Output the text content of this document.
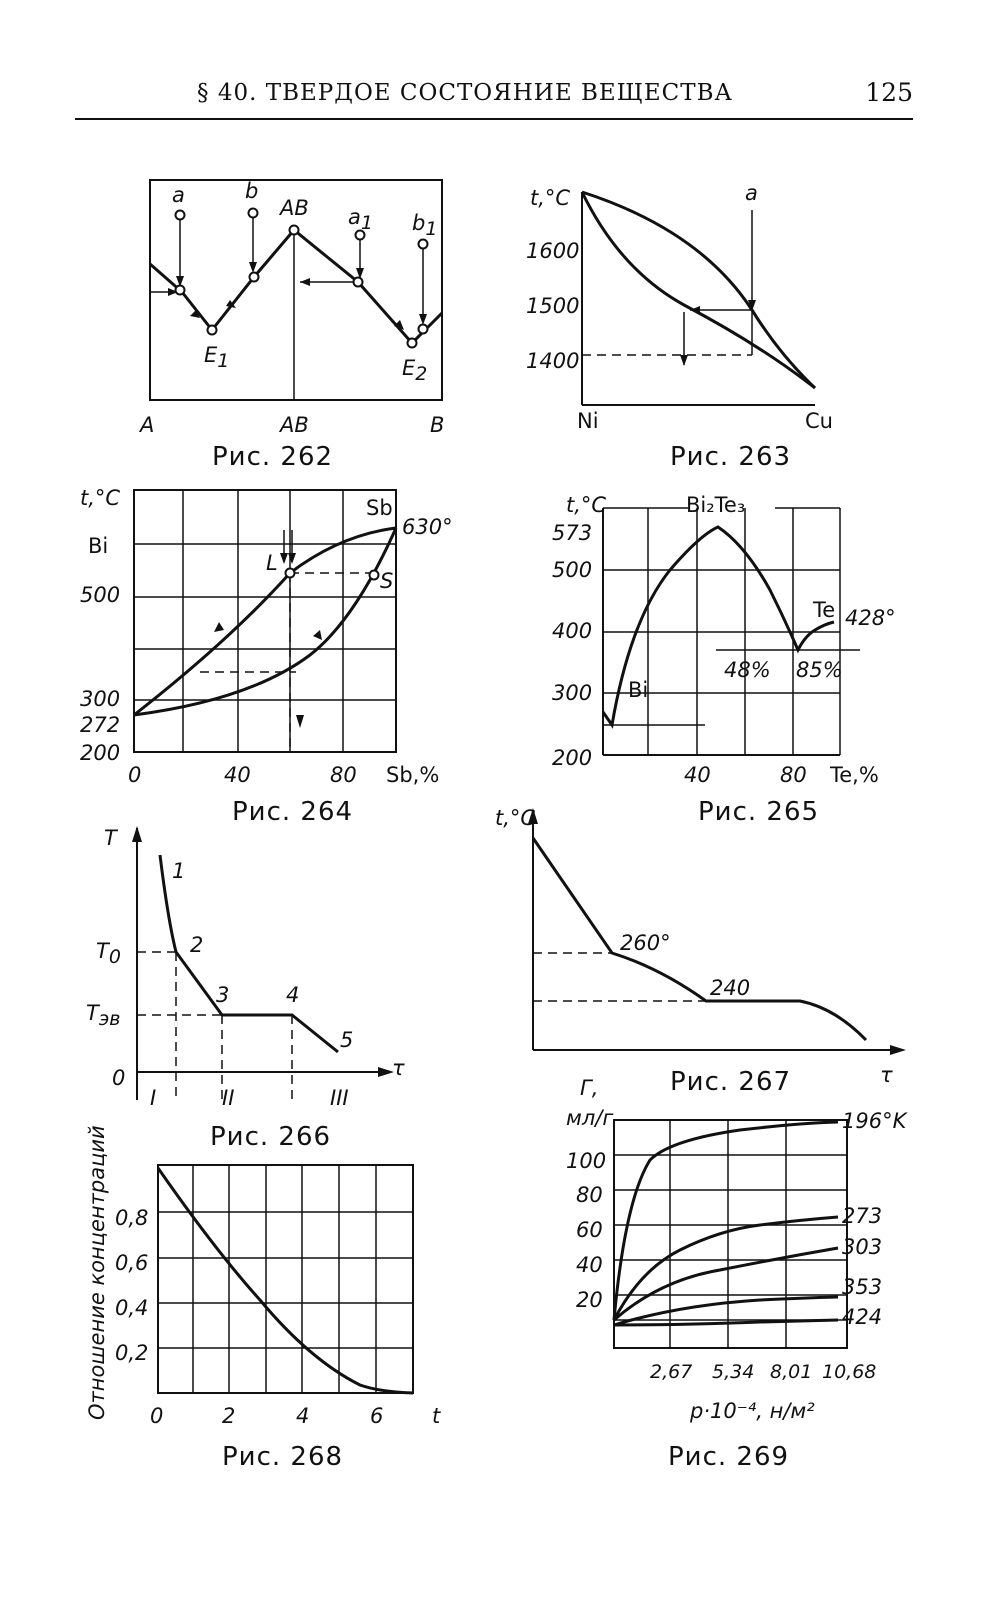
§ 40. ТВЕРДОЕ СОСТОЯНИЕ ВЕЩЕСТВА	125
a	b
AB a1 b1
E1	E2
A	AB	B
Рис. 262
t,°C	a
1600
1500
1400
Ni	Cu
Рис. 263
t,°C
Bi
500
300
272
200
0	40	80 Sb,%
Sb
630°
L
S
Рис. 264
t,°C	Bi₂Te₃
573
500
400
300
200
40	80 Te,%
Te 428°
48% 85%
Bi
Рис. 265
T
T0
Tэв
0
1
2
3	4
5
τ
I	II	III
Рис. 266
t,°C
260°
240
τ
Рис. 267
Отношение концентраций 0,8
0,6
0,4
0,2
0	2	4	6 t
Рис. 268
Г,
мл/г
100
80
60
40
20
2,67 5,34 8,01 10,68
p·10⁻⁴, н/м²
196°K
273
303
353
424
Рис. 269
